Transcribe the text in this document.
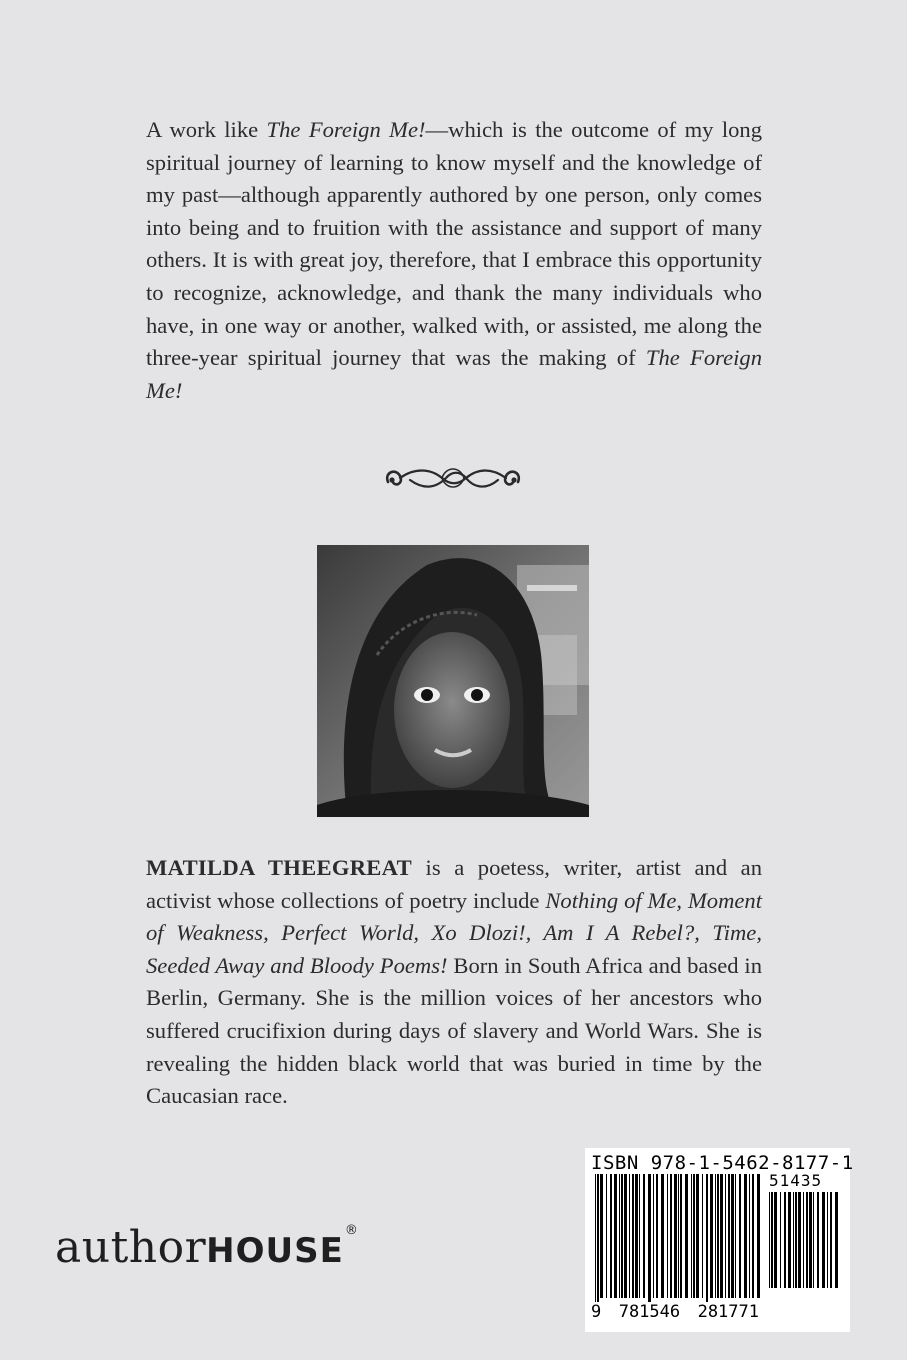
A work like The Foreign Me!—which is the outcome of my long spiritual journey of learning to know myself and the knowledge of my past—although apparently authored by one person, only comes into being and to fruition with the assistance and support of many others. It is with great joy, therefore, that I embrace this opportunity to recognize, acknowledge, and thank the many individuals who have, in one way or another, walked with, or assisted, me along the three-year spiritual journey that was the making of The Foreign Me!

MATILDA THEEGREAT is a poetess, writer, artist and an activist whose collections of poetry include Nothing of Me, Moment of Weakness, Perfect World, Xo Dlozi!, Am I A Rebel?, Time, Seeded Away and Bloody Poems! Born in South Africa and based in Berlin, Germany. She is the million voices of her ancestors who suffered crucifixion during days of slavery and World Wars. She is revealing the hidden black world that was buried in time by the Caucasian race.

authorHOUSE®
ISBN 978-1-5462-8177-1
51435
9 781546 281771
